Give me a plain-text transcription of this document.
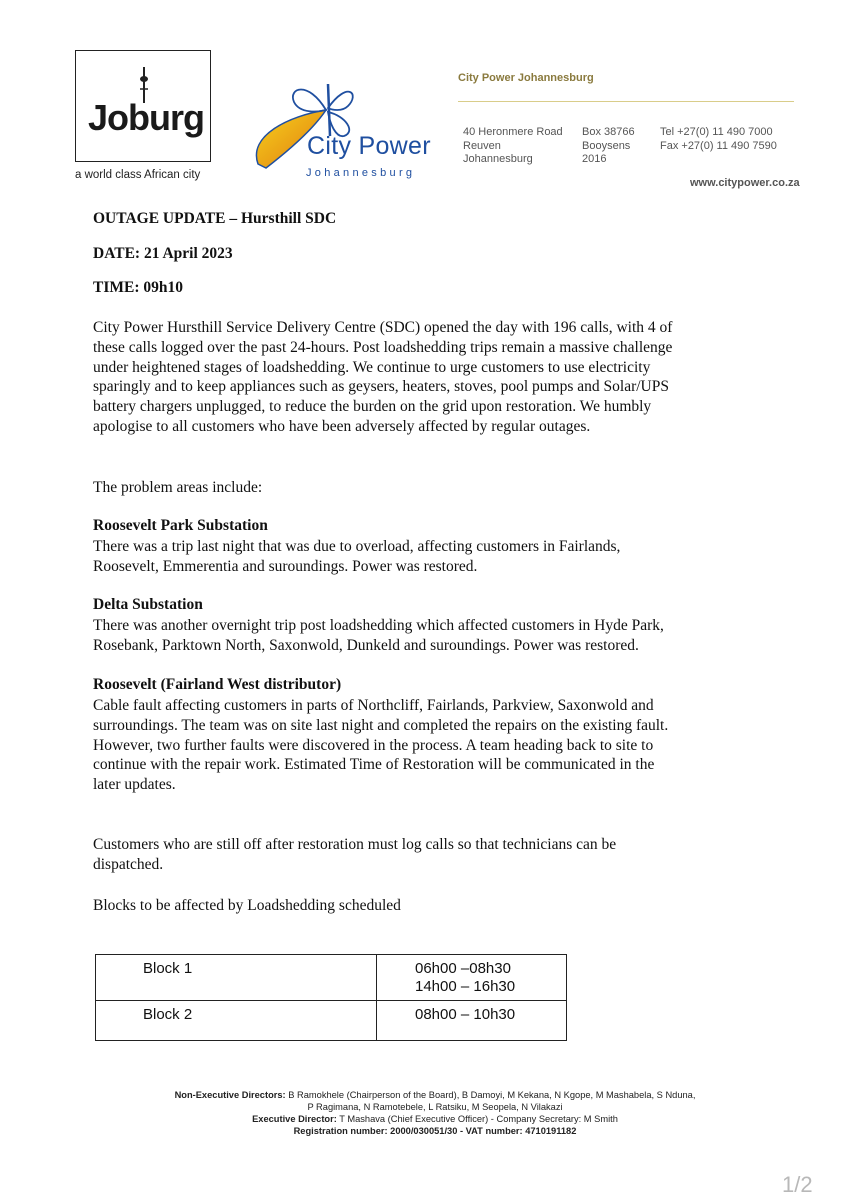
Joburg
a world class African city
City Power
Johannesburg
City Power Johannesburg
40 Heronmere Road
Reuven
Johannesburg
Box 38766
Booysens
2016
Tel +27(0) 11 490 7000
Fax +27(0) 11 490 7590
www.citypower.co.za
OUTAGE UPDATE – Hursthill SDC
DATE: 21 April 2023
TIME: 09h10
City Power Hursthill Service Delivery Centre (SDC) opened the day with 196 calls, with 4 of
these calls logged over the past 24-hours. Post loadshedding trips remain a massive challenge
under heightened stages of loadshedding. We continue to urge customers to use electricity
sparingly and to keep appliances such as geysers, heaters, stoves, pool pumps and Solar/UPS
battery chargers unplugged, to reduce the burden on the grid upon restoration. We humbly
apologise to all customers who have been adversely affected by regular outages.
The problem areas include:
Roosevelt Park Substation
There was a trip last night that was due to overload, affecting customers in Fairlands,
Roosevelt, Emmerentia and suroundings. Power was restored.
Delta Substation
There was another overnight trip post loadshedding which affected customers in Hyde Park,
Rosebank, Parktown North, Saxonwold, Dunkeld and suroundings. Power was restored.
Roosevelt (Fairland West distributor)
Cable fault affecting customers in parts of Northcliff, Fairlands, Parkview, Saxonwold and
surroundings. The team was on site last night and completed the repairs on the existing fault.
However, two further faults were discovered in the process. A team heading back to site to
continue with the repair work. Estimated Time of Restoration will be communicated in the
later updates.
Customers who are still off after restoration must log calls so that technicians can be
dispatched.
Blocks to be affected by Loadshedding scheduled
Block 1	06h00 –08h30
14h00 – 16h30

Block 2	08h00 – 10h30
Non-Executive Directors: B Ramokhele (Chairperson of the Board), B Damoyi, M Kekana, N Kgope, M Mashabela, S Nduna,
P Ragimana, N Ramotebele, L Ratsiku, M Seopela, N Vilakazi
Executive Director: T Mashava (Chief Executive Officer) - Company Secretary: M Smith
Registration number: 2000/030051/30 - VAT number: 4710191182
1/2
